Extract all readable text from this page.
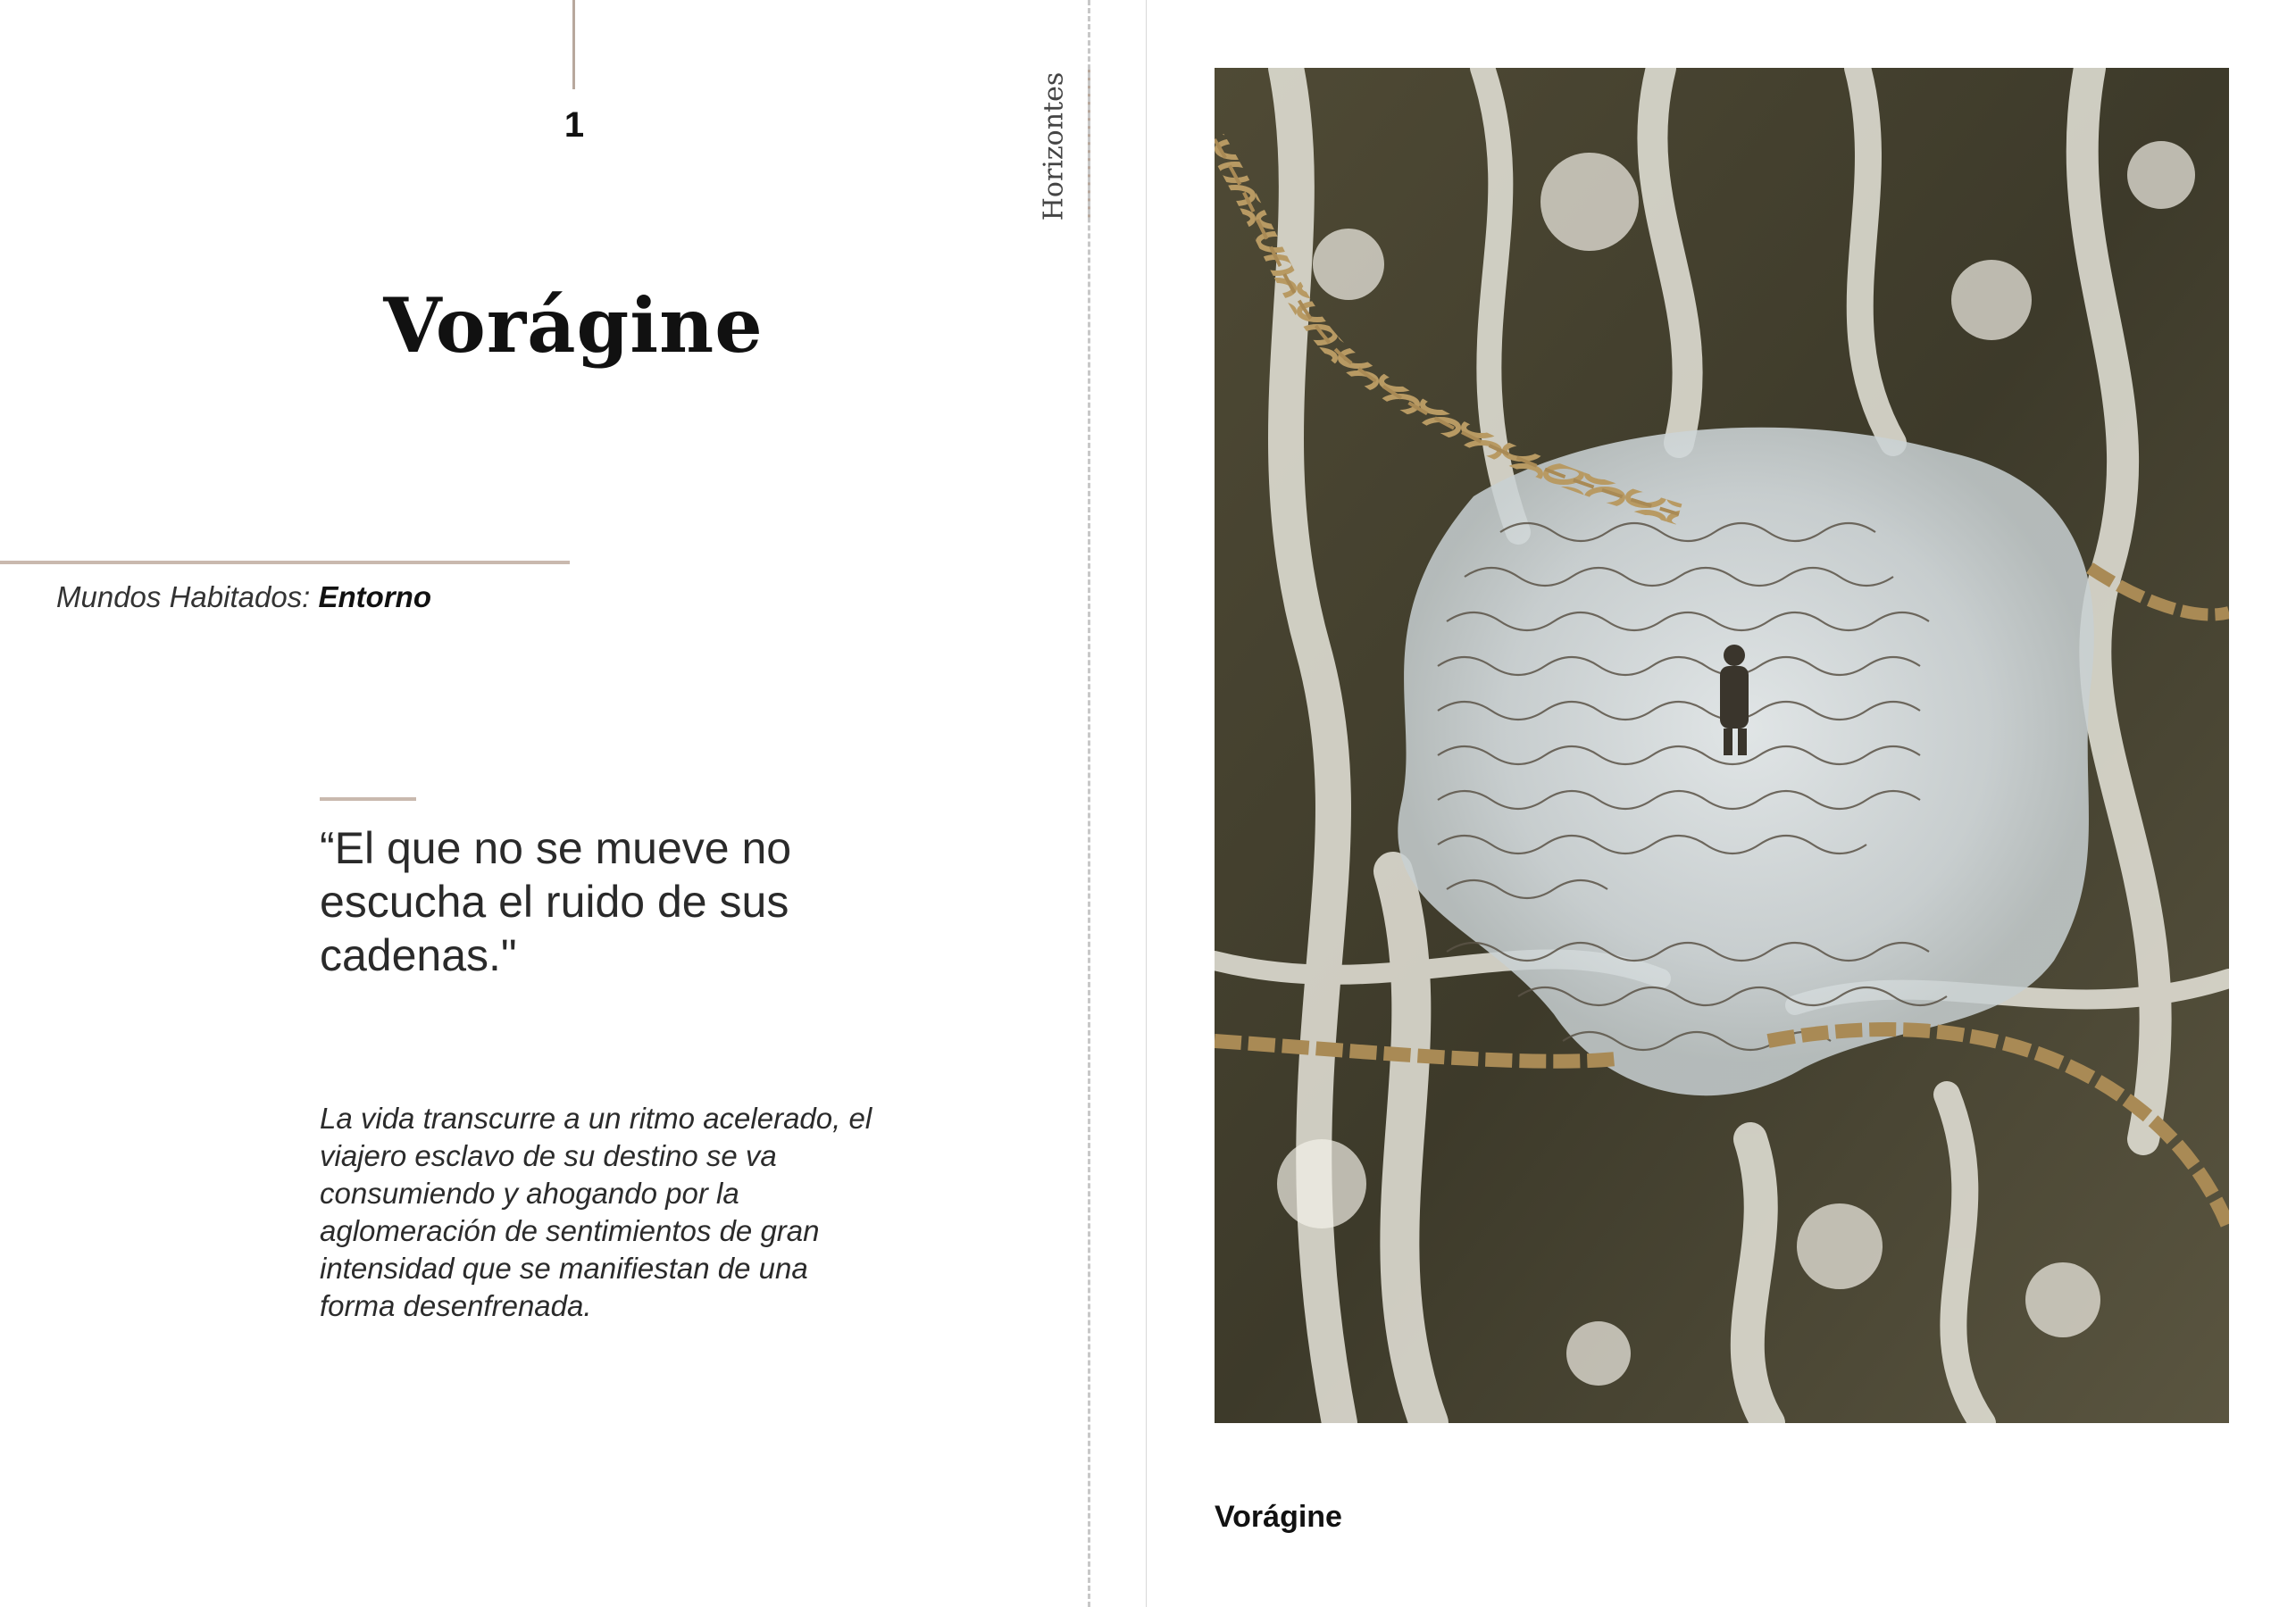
1
Vorágine
Mundos Habitados: Entorno
“El que no se mueve no escucha el ruido de sus cadenas."
La vida transcurre a un ritmo acelerado, el viajero esclavo de su destino se va consumiendo y ahogando por la aglomeración de sentimientos de gran intensidad que se manifiestan de una forma desenfrenada.
Horizontes
Vorágine
